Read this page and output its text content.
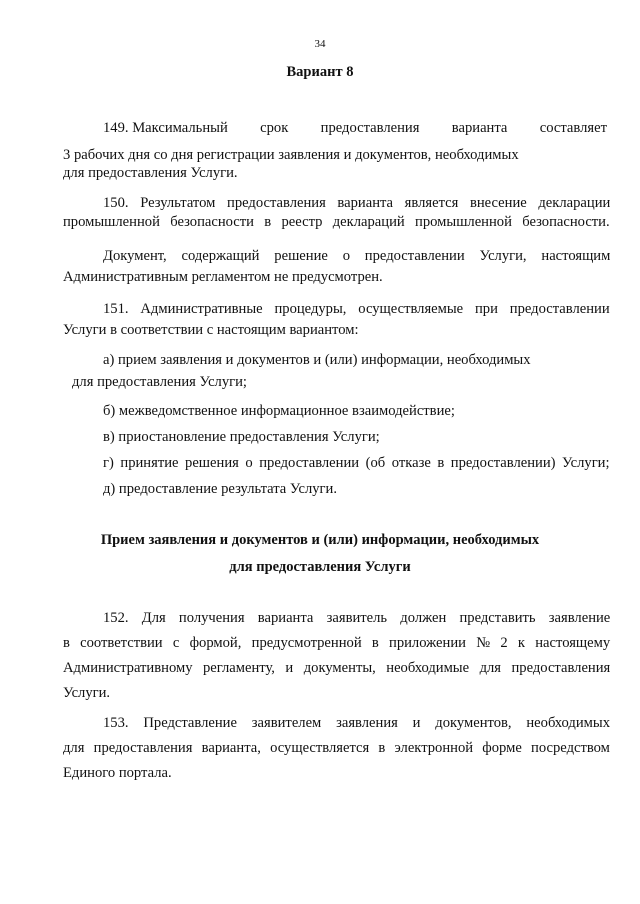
34
Вариант 8
149. Максимальный срок предоставления варианта составляет
3 рабочих дня со дня регистрации заявления и документов, необходимых
для предоставления Услуги.
150. Результатом предоставления варианта является внесение декларации
промышленной безопасности в реестр деклараций промышленной безопасности.
Документ, содержащий решение о предоставлении Услуги, настоящим
Административным регламентом не предусмотрен.
151. Административные процедуры, осуществляемые при предоставлении
Услуги в соответствии с настоящим вариантом:
а) прием заявления и документов и (или) информации, необходимых
для предоставления Услуги;
б) межведомственное информационное взаимодействие;
в) приостановление предоставления Услуги;
г) принятие решения о предоставлении (об отказе в предоставлении) Услуги;
д) предоставление результата Услуги.
Прием заявления и документов и (или) информации, необходимых
для предоставления Услуги
152. Для получения варианта заявитель должен представить заявление
в соответствии с формой, предусмотренной в приложении № 2 к настоящему
Административному регламенту, и документы, необходимые для предоставления
Услуги.
153. Представление заявителем заявления и документов, необходимых
для предоставления варианта, осуществляется в электронной форме посредством
Единого портала.
